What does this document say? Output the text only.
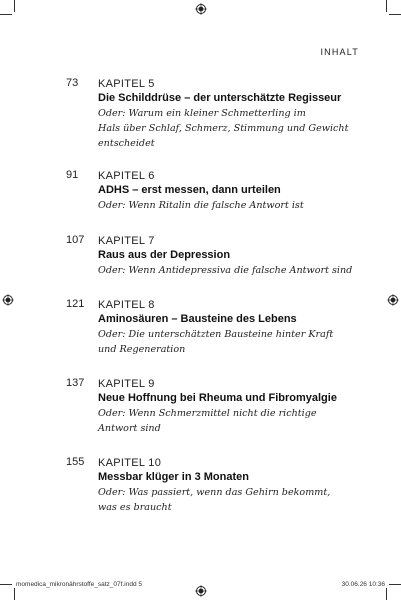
INHALT
73 KAPITEL 5
Die Schilddrüse – der unterschätzte Regisseur
Oder: Warum ein kleiner Schmetterling im
Hals über Schlaf, Schmerz, Stimmung und Gewicht
entscheidet
91 KAPITEL 6
ADHS – erst messen, dann urteilen
Oder: Wenn Ritalin die falsche Antwort ist
107 KAPITEL 7
Raus aus der Depression
Oder: Wenn Antidepressiva die falsche Antwort sind
121 KAPITEL 8
Aminosäuren – Bausteine des Lebens
Oder: Die unterschätzten Bausteine hinter Kraft
und Regeneration
137 KAPITEL 9
Neue Hoffnung bei Rheuma und Fibromyalgie
Oder: Wenn Schmerzmittel nicht die richtige
Antwort sind
155 KAPITEL 10
Messbar klüger in 3 Monaten
Oder: Was passiert, wenn das Gehirn bekommt,
was es braucht
momedica_mikronährstoffe_satz_07f.indd 5	30.06.26 10:36
